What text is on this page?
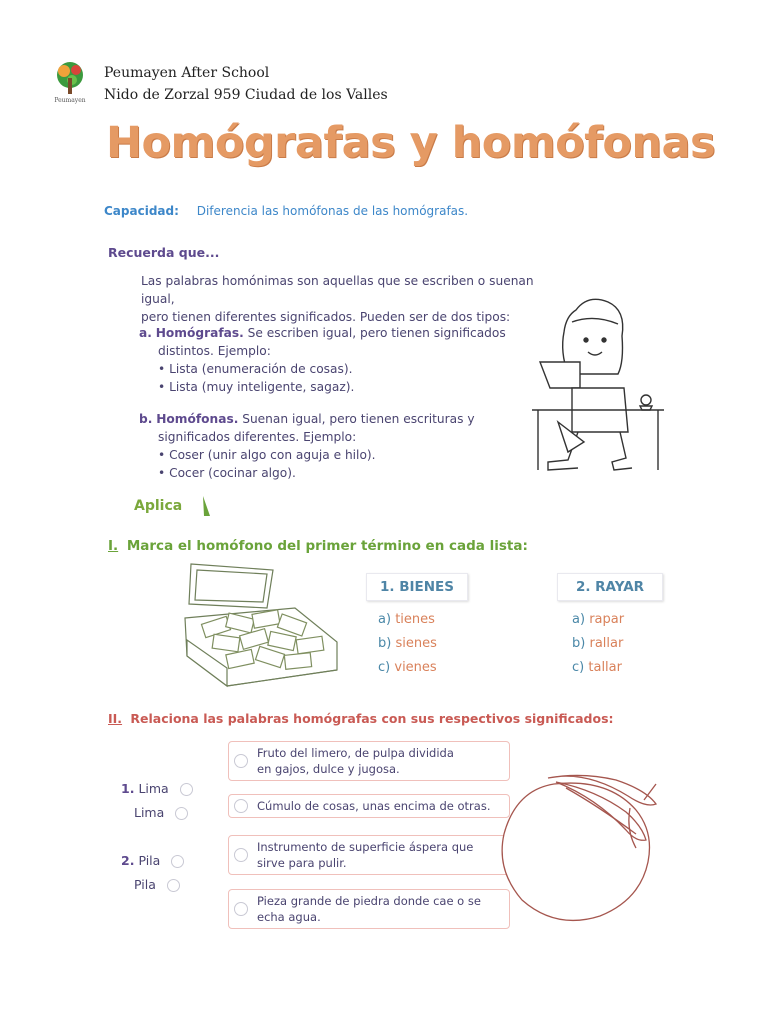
Peumayen
Peumayen After School
Nido de Zorzal 959 Ciudad de los Valles
Homógrafas y homófonas
Capacidad: Diferencia las homófonas de las homógrafas.
Recuerda que...
Las palabras homónimas son aquellas que se escriben o suenan igual,
pero tienen diferentes significados. Pueden ser de dos tipos:
a. Homógrafas. Se escriben igual, pero tienen significados
distintos. Ejemplo:
• Lista (enumeración de cosas).
• Lista (muy inteligente, sagaz).
b. Homófonas. Suenan igual, pero tienen escrituras y
significados diferentes. Ejemplo:
• Coser (unir algo con aguja e hilo).
• Cocer (cocinar algo).
Aplica
I. Marca el homófono del primer término en cada lista:
1. BIENES
a) tienes
b) sienes
c) vienes
2. RAYAR
a) rapar
b) rallar
c) tallar
II. Relaciona las palabras homógrafas con sus respectivos significados:
1. Lima
Lima
2. Pila
Pila
Fruto del limero, de pulpa dividida
en gajos, dulce y jugosa.
Cúmulo de cosas, unas encima de otras.
Instrumento de superficie áspera que
sirve para pulir.
Pieza grande de piedra donde cae o se
echa agua.
